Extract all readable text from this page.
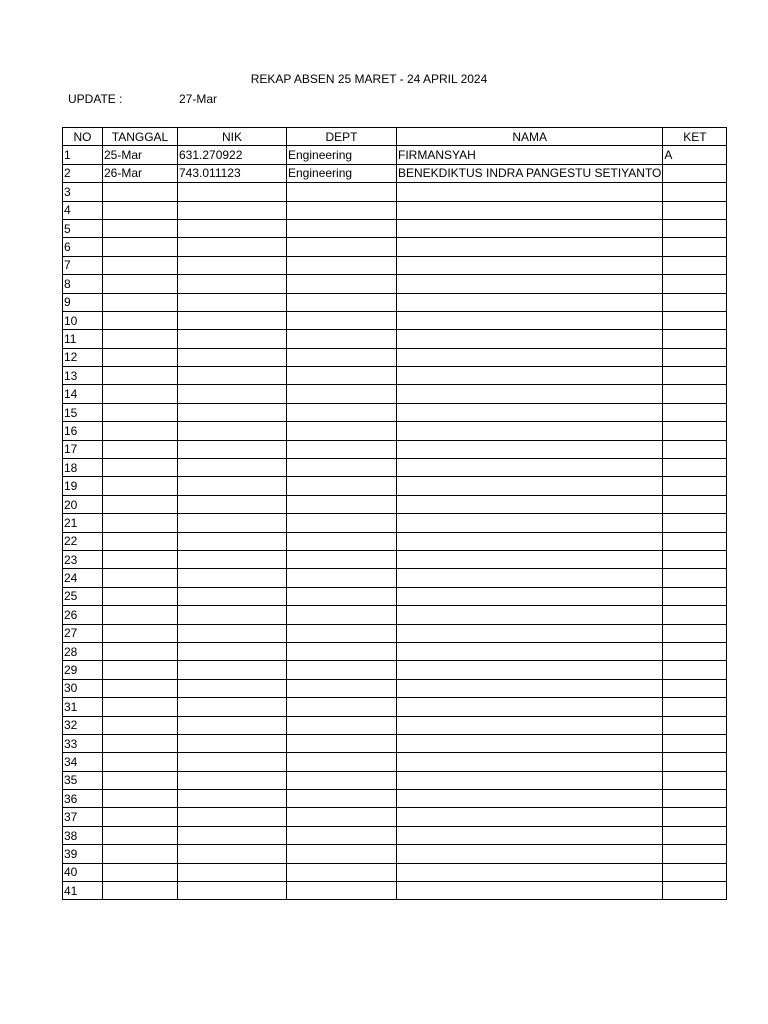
REKAP ABSEN 25 MARET - 24 APRIL 2024
UPDATE :	27-Mar
NO	TANGGAL	NIK	DEPT	NAMA	KET
1	25-Mar	631.270922	Engineering	FIRMANSYAH	A
2	26-Mar	743.011123	Engineering	BENEKDIKTUS INDRA PANGESTU SETIYANTO	
3					
4					
5					
6					
7					
8					
9					
10					
11					
12					
13					
14					
15					
16					
17					
18					
19					
20					
21					
22					
23					
24					
25					
26					
27					
28					
29					
30					
31					
32					
33					
34					
35					
36					
37					
38					
39					
40					
41					
